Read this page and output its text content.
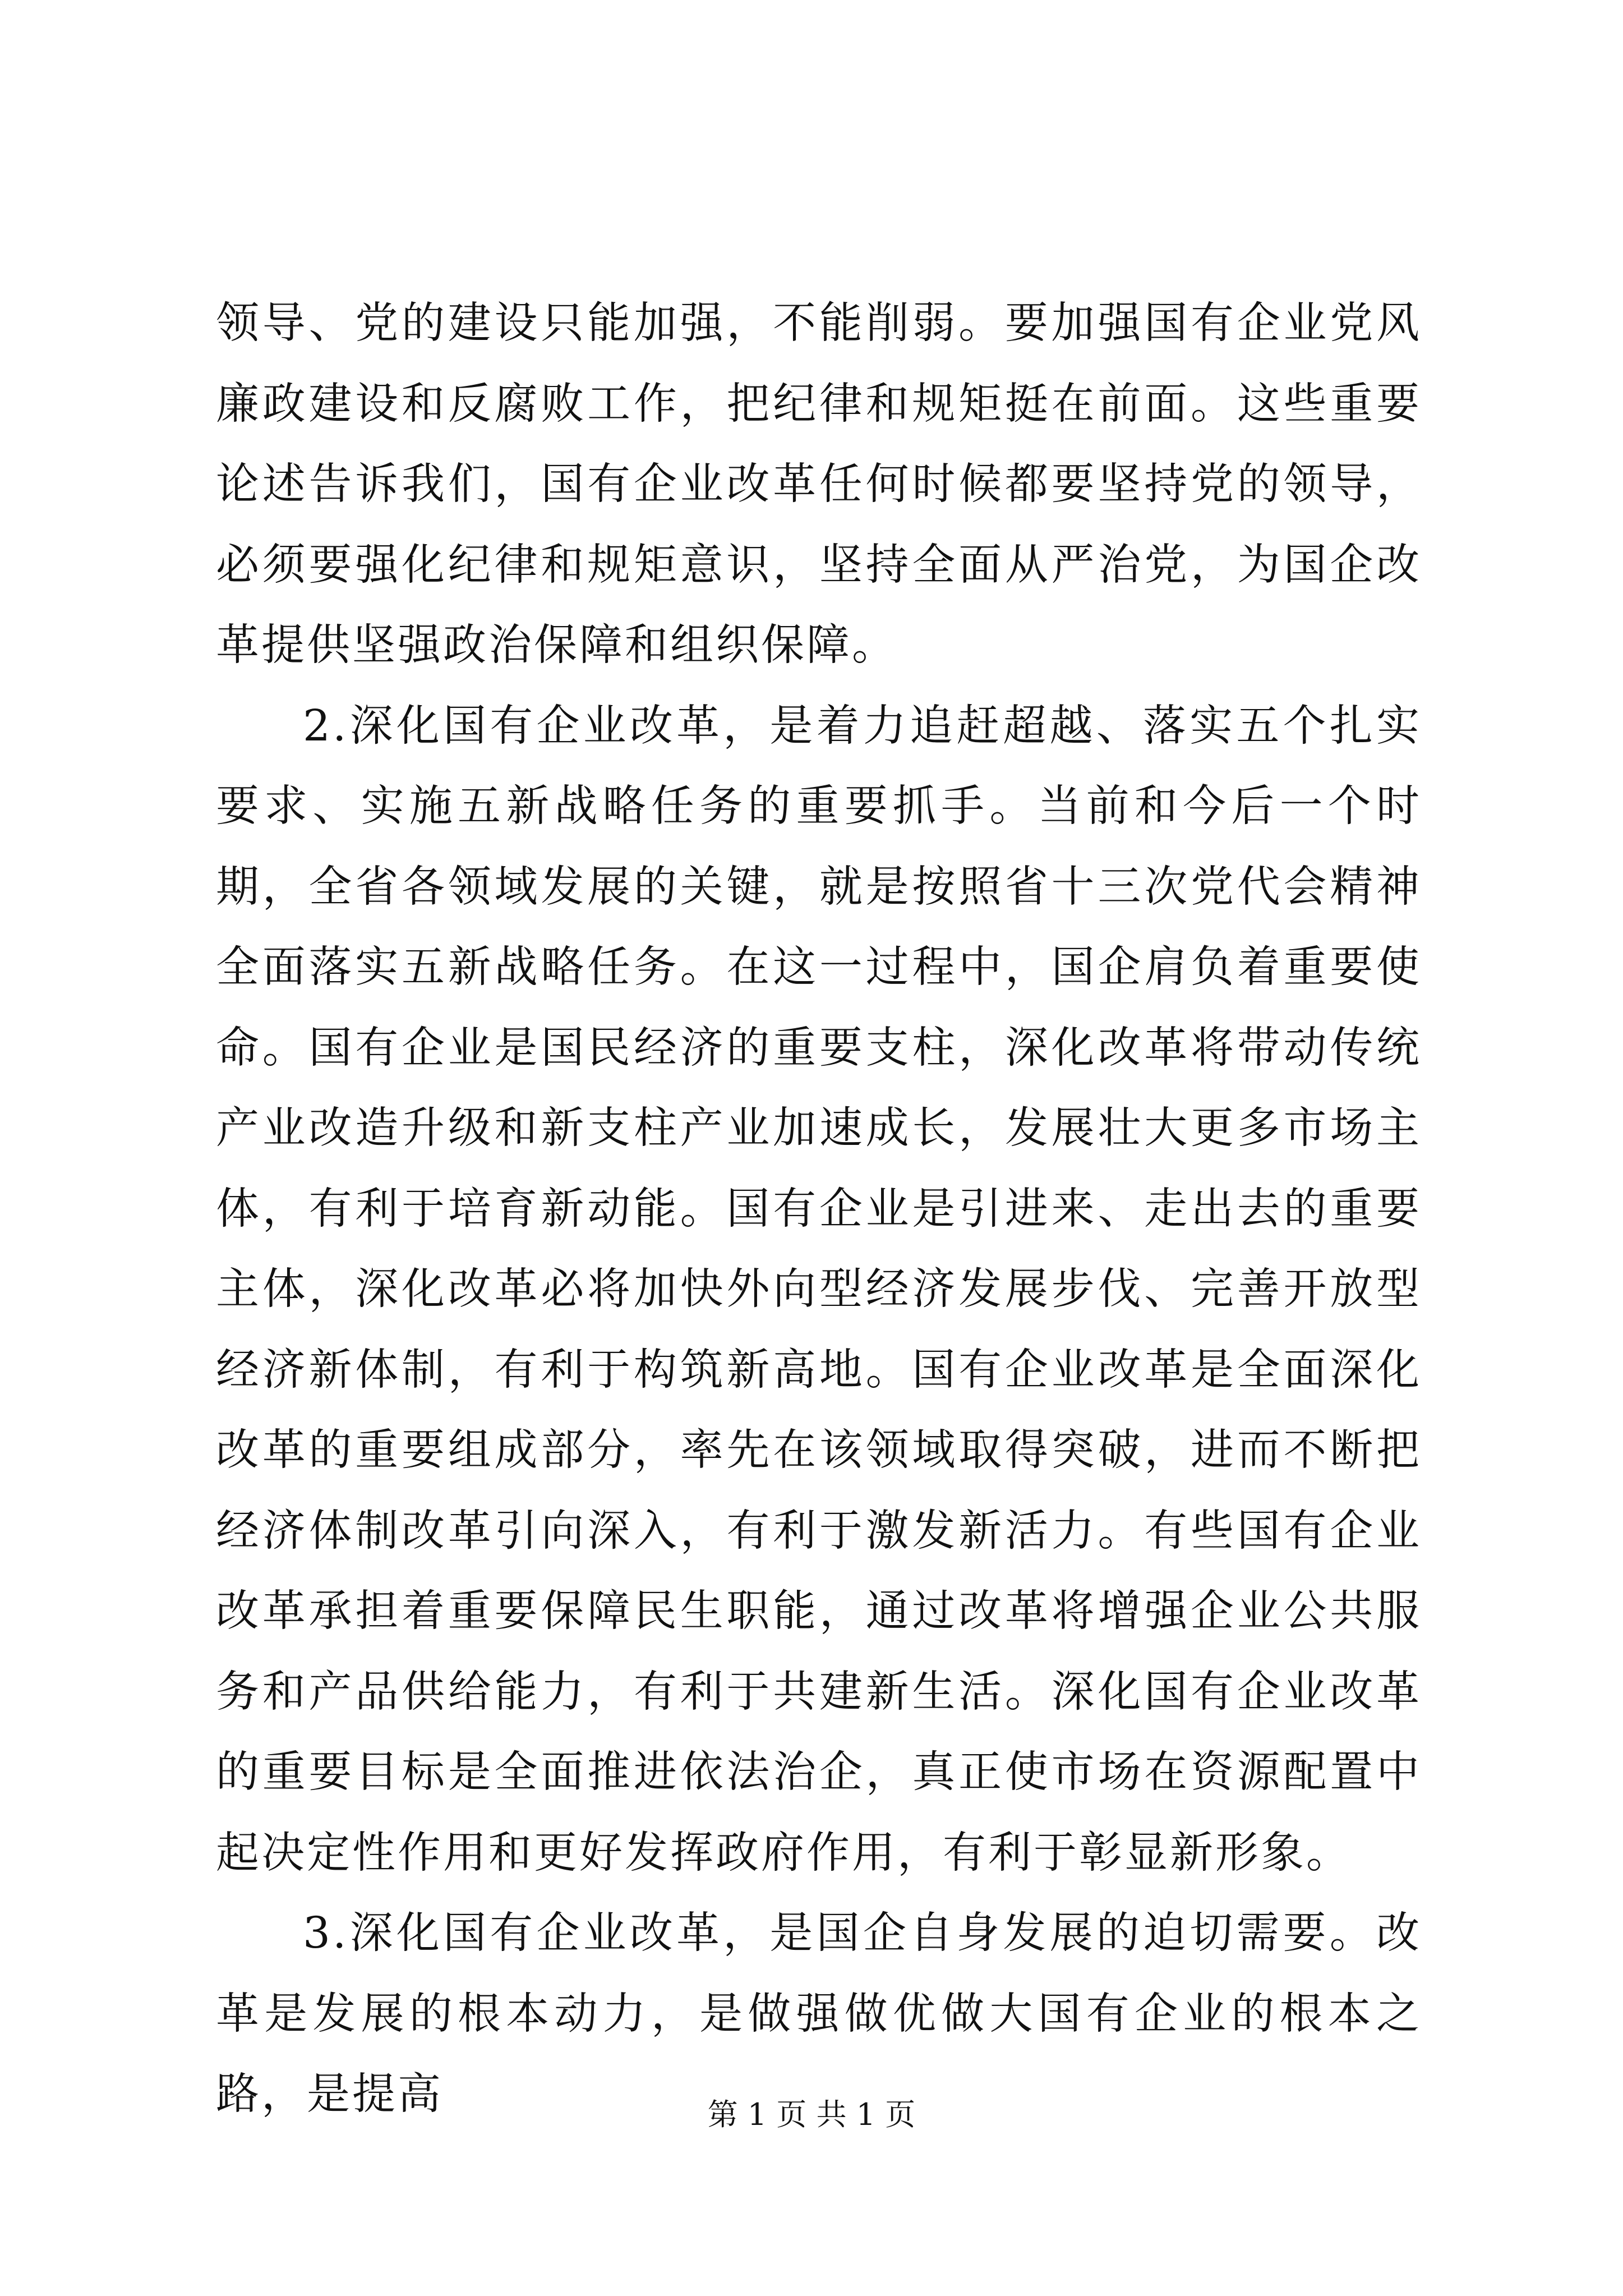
领导、党的建设只能加强，不能削弱。要加强国有企业党风廉政建设和反腐败工作，把纪律和规矩挺在前面。这些重要论述告诉我们，国有企业改革任何时候都要坚持党的领导，必须要强化纪律和规矩意识，坚持全面从严治党，为国企改革提供坚强政治保障和组织保障。

2.深化国有企业改革，是着力追赶超越、落实五个扎实要求、实施五新战略任务的重要抓手。当前和今后一个时期，全省各领域发展的关键，就是按照省十三次党代会精神全面落实五新战略任务。在这一过程中，国企肩负着重要使命。国有企业是国民经济的重要支柱，深化改革将带动传统产业改造升级和新支柱产业加速成长，发展壮大更多市场主体，有利于培育新动能。国有企业是引进来、走出去的重要主体，深化改革必将加快外向型经济发展步伐、完善开放型经济新体制，有利于构筑新高地。国有企业改革是全面深化改革的重要组成部分，率先在该领域取得突破，进而不断把经济体制改革引向深入，有利于激发新活力。有些国有企业改革承担着重要保障民生职能，通过改革将增强企业公共服务和产品供给能力，有利于共建新生活。深化国有企业改革的重要目标是全面推进依法治企，真正使市场在资源配置中起决定性作用和更好发挥政府作用，有利于彰显新形象。

3.深化国有企业改革，是国企自身发展的迫切需要。改革是发展的根本动力，是做强做优做大国有企业的根本之路，是提高	第 1 页 共 1 页
